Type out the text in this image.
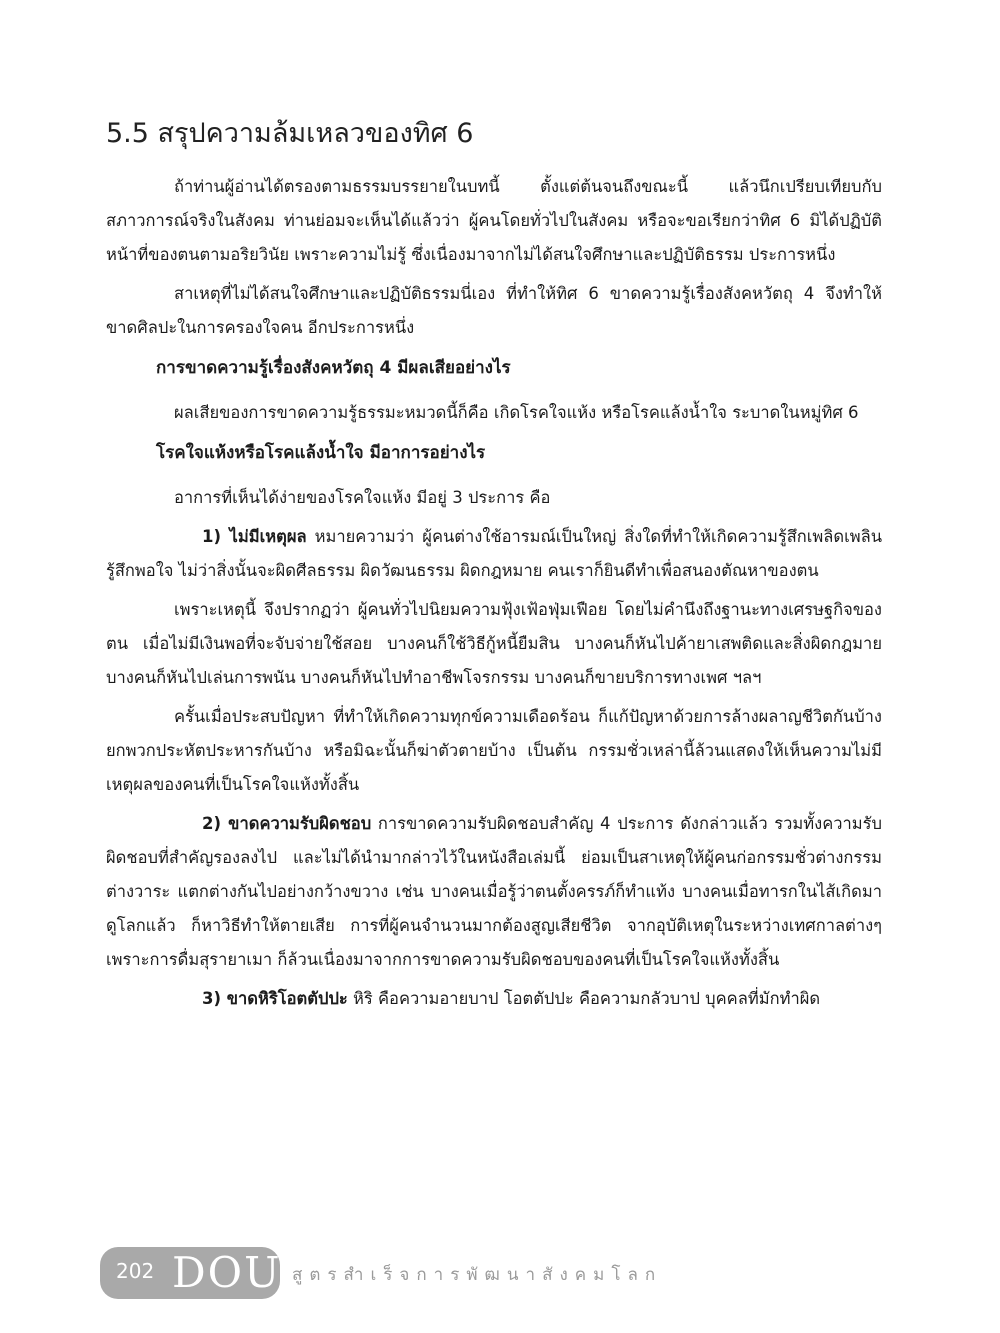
5.5 สรุปความล้มเหลวของทิศ 6

ถ้าท่านผู้อ่านได้ตรองตามธรรมบรรยายในบทนี้ ตั้งแต่ต้นจนถึงขณะนี้ แล้วนึกเปรียบเทียบกับสภาวการณ์จริงในสังคม ท่านย่อมจะเห็นได้แล้วว่า ผู้คนโดยทั่วไปในสังคม หรือจะขอเรียกว่าทิศ 6 มิได้ปฏิบัติหน้าที่ของตนตามอริยวินัย เพราะความไม่รู้ ซึ่งเนื่องมาจากไม่ได้สนใจศึกษาและปฏิบัติธรรม ประการหนึ่ง

สาเหตุที่ไม่ได้สนใจศึกษาและปฏิบัติธรรมนี่เอง ที่ทำให้ทิศ 6 ขาดความรู้เรื่องสังคหวัตถุ 4 จึงทำให้ขาดศิลปะในการครองใจคน อีกประการหนึ่ง

การขาดความรู้เรื่องสังคหวัตถุ 4 มีผลเสียอย่างไร

ผลเสียของการขาดความรู้ธรรมะหมวดนี้ก็คือ เกิดโรคใจแห้ง หรือโรคแล้งน้ำใจ ระบาดในหมู่ทิศ 6

โรคใจแห้งหรือโรคแล้งน้ำใจ มีอาการอย่างไร

อาการที่เห็นได้ง่ายของโรคใจแห้ง มีอยู่ 3 ประการ คือ

1) ไม่มีเหตุผล หมายความว่า ผู้คนต่างใช้อารมณ์เป็นใหญ่ สิ่งใดที่ทำให้เกิดความรู้สึกเพลิดเพลิน รู้สึกพอใจ ไม่ว่าสิ่งนั้นจะผิดศีลธรรม ผิดวัฒนธรรม ผิดกฎหมาย คนเราก็ยินดีทำเพื่อสนองตัณหาของตน

เพราะเหตุนี้ จึงปรากฏว่า ผู้คนทั่วไปนิยมความฟุ้งเฟ้อฟุ่มเฟือย โดยไม่คำนึงถึงฐานะทางเศรษฐกิจของตน เมื่อไม่มีเงินพอที่จะจับจ่ายใช้สอย บางคนก็ใช้วิธีกู้หนี้ยืมสิน บางคนก็หันไปค้ายาเสพติดและสิ่งผิดกฎมาย บางคนก็หันไปเล่นการพนัน บางคนก็หันไปทำอาชีพโจรกรรม บางคนก็ขายบริการทางเพศ ฯลฯ

ครั้นเมื่อประสบปัญหา ที่ทำให้เกิดความทุกข์ความเดือดร้อน ก็แก้ปัญหาด้วยการล้างผลาญชีวิตกันบ้าง ยกพวกประหัตประหารกันบ้าง หรือมิฉะนั้นก็ฆ่าตัวตายบ้าง เป็นต้น กรรมชั่วเหล่านี้ล้วนแสดงให้เห็นความไม่มีเหตุผลของคนที่เป็นโรคใจแห้งทั้งสิ้น

2) ขาดความรับผิดชอบ การขาดความรับผิดชอบสำคัญ 4 ประการ ดังกล่าวแล้ว รวมทั้งความรับผิดชอบที่สำคัญรองลงไป และไม่ได้นำมากล่าวไว้ในหนังสือเล่มนี้ ย่อมเป็นสาเหตุให้ผู้คนก่อกรรมชั่วต่างกรรมต่างวาระ แตกต่างกันไปอย่างกว้างขวาง เช่น บางคนเมื่อรู้ว่าตนตั้งครรภ์ก็ทำแท้ง บางคนเมื่อทารกในไส้เกิดมาดูโลกแล้ว ก็หาวิธีทำให้ตายเสีย การที่ผู้คนจำนวนมากต้องสูญเสียชีวิต จากอุบัติเหตุในระหว่างเทศกาลต่างๆ เพราะการดื่มสุรายาเมา ก็ล้วนเนื่องมาจากการขาดความรับผิดชอบของคนที่เป็นโรคใจแห้งทั้งสิ้น

3) ขาดหิริโอตตัปปะ หิริ คือความอายบาป โอตตัปปะ คือความกลัวบาป บุคคลที่มักทำผิด

202 DOU สูตรสำเร็จการพัฒนาสังคมโลก
